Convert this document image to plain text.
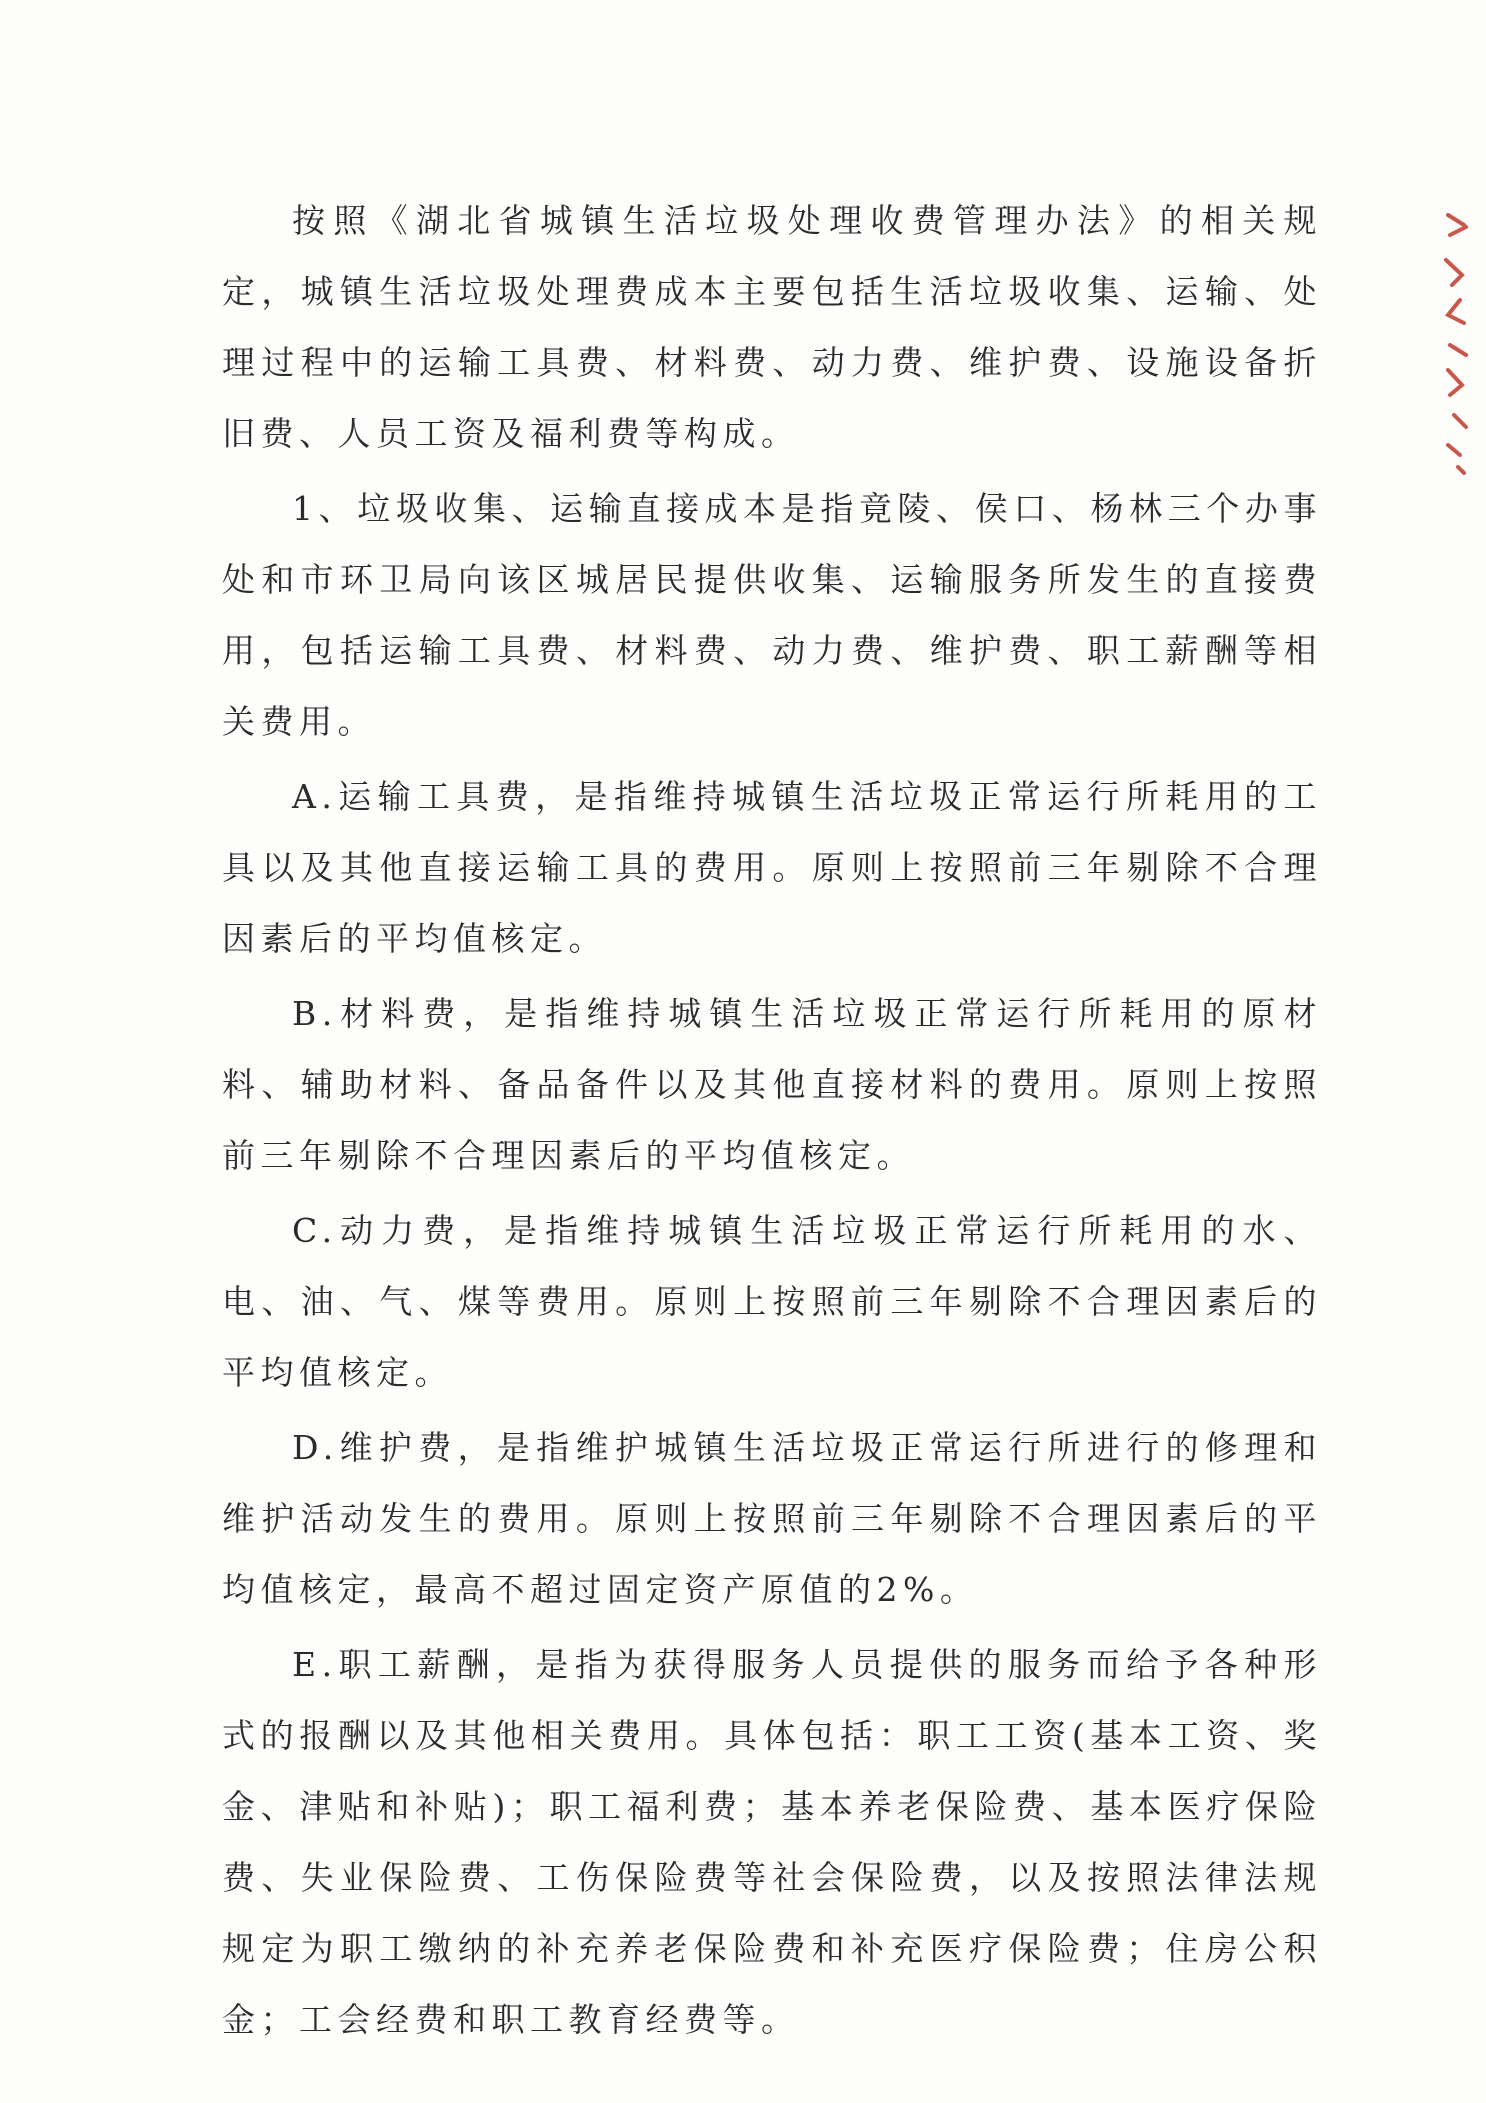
按照《湖北省城镇生活垃圾处理收费管理办法》的相关规定，城镇生活垃圾处理费成本主要包括生活垃圾收集、运输、处理过程中的运输工具费、材料费、动力费、维护费、设施设备折旧费、人员工资及福利费等构成。

1、垃圾收集、运输直接成本是指竟陵、侯口、杨林三个办事处和市环卫局向该区城居民提供收集、运输服务所发生的直接费用，包括运输工具费、材料费、动力费、维护费、职工薪酬等相关费用。

A.运输工具费，是指维持城镇生活垃圾正常运行所耗用的工具以及其他直接运输工具的费用。原则上按照前三年剔除不合理因素后的平均值核定。

B.材料费，是指维持城镇生活垃圾正常运行所耗用的原材料、辅助材料、备品备件以及其他直接材料的费用。原则上按照前三年剔除不合理因素后的平均值核定。

C.动力费，是指维持城镇生活垃圾正常运行所耗用的水、电、油、气、煤等费用。原则上按照前三年剔除不合理因素后的平均值核定。

D.维护费，是指维护城镇生活垃圾正常运行所进行的修理和维护活动发生的费用。原则上按照前三年剔除不合理因素后的平均值核定，最高不超过固定资产原值的2%。

E.职工薪酬，是指为获得服务人员提供的服务而给予各种形式的报酬以及其他相关费用。具体包括：职工工资(基本工资、奖金、津贴和补贴)；职工福利费；基本养老保险费、基本医疗保险费、失业保险费、工伤保险费等社会保险费，以及按照法律法规规定为职工缴纳的补充养老保险费和补充医疗保险费；住房公积金；工会经费和职工教育经费等。
